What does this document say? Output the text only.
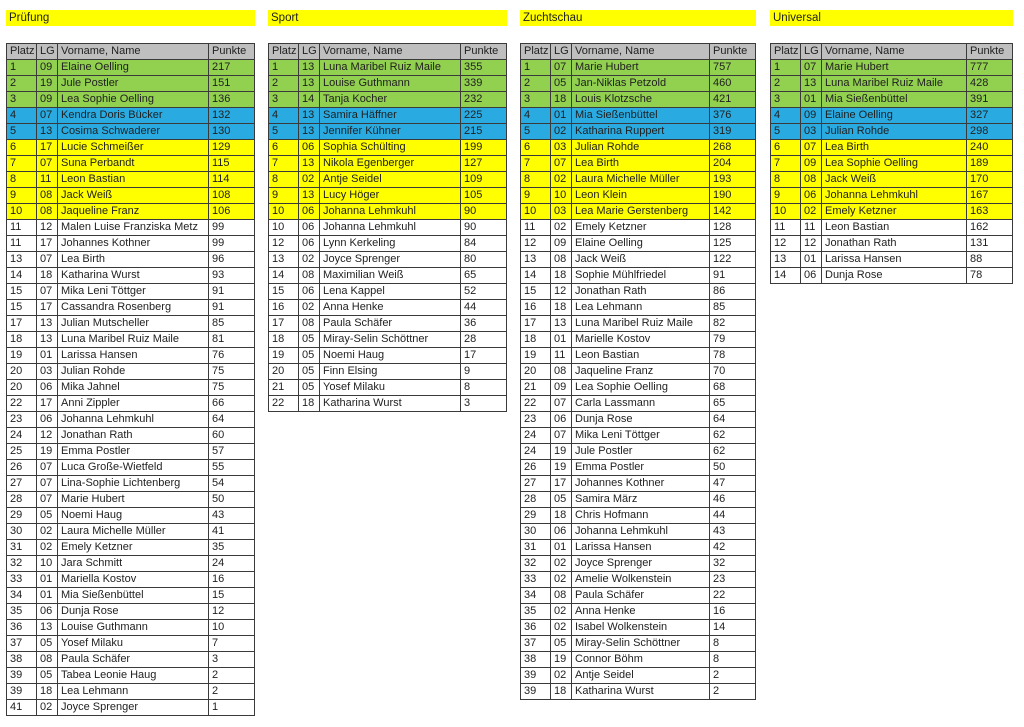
Prüfung
Platz	LG	Vorname, Name	Punkte
1	09	Elaine Oelling	217
2	19	Jule Postler	151
3	09	Lea Sophie Oelling	136
4	07	Kendra Doris Bücker	132
5	13	Cosima Schwaderer	130
6	17	Lucie Schmeißer	129
7	07	Suna Perbandt	115
8	11	Leon Bastian	114
9	08	Jack Weiß	108
10	08	Jaqueline Franz	106
11	12	Malen Luise Franziska Metz	99
11	17	Johannes Kothner	99
13	07	Lea Birth	96
14	18	Katharina Wurst	93
15	07	Mika Leni Töttger	91
15	17	Cassandra Rosenberg	91
17	13	Julian Mutscheller	85
18	13	Luna Maribel Ruiz Maile	81
19	01	Larissa Hansen	76
20	03	Julian Rohde	75
20	06	Mika Jahnel	75
22	17	Anni Zippler	66
23	06	Johanna Lehmkuhl	64
24	12	Jonathan Rath	60
25	19	Emma Postler	57
26	07	Luca Große-Wietfeld	55
27	07	Lina-Sophie Lichtenberg	54
28	07	Marie Hubert	50
29	05	Noemi Haug	43
30	02	Laura Michelle Müller	41
31	02	Emely Ketzner	35
32	10	Jara Schmitt	24
33	01	Mariella Kostov	16
34	01	Mia Sießenbüttel	15
35	06	Dunja Rose	12
36	13	Louise Guthmann	10
37	05	Yosef Milaku	7
38	08	Paula Schäfer	3
39	05	Tabea Leonie Haug	2
39	18	Lea Lehmann	2
41	02	Joyce Sprenger	1
Sport
Platz	LG	Vorname, Name	Punkte
1	13	Luna Maribel Ruiz Maile	355
2	13	Louise Guthmann	339
3	14	Tanja Kocher	232
4	13	Samira Häffner	225
5	13	Jennifer Kühner	215
6	06	Sophia Schülting	199
7	13	Nikola Egenberger	127
8	02	Antje Seidel	109
9	13	Lucy Höger	105
10	06	Johanna Lehmkuhl	90
10	06	Johanna Lehmkuhl	90
12	06	Lynn Kerkeling	84
13	02	Joyce Sprenger	80
14	08	Maximilian Weiß	65
15	06	Lena Kappel	52
16	02	Anna Henke	44
17	08	Paula Schäfer	36
18	05	Miray-Selin Schöttner	28
19	05	Noemi Haug	17
20	05	Finn Elsing	9
21	05	Yosef Milaku	8
22	18	Katharina Wurst	3
Zuchtschau
Platz	LG	Vorname, Name	Punkte
1	07	Marie Hubert	757
2	05	Jan-Niklas Petzold	460
3	18	Louis Klotzsche	421
4	01	Mia Sießenbüttel	376
5	02	Katharina Ruppert	319
6	03	Julian Rohde	268
7	07	Lea Birth	204
8	02	Laura Michelle Müller	193
9	10	Leon Klein	190
10	03	Lea Marie Gerstenberg	142
11	02	Emely Ketzner	128
12	09	Elaine Oelling	125
13	08	Jack Weiß	122
14	18	Sophie Mühlfriedel	91
15	12	Jonathan Rath	86
16	18	Lea Lehmann	85
17	13	Luna Maribel Ruiz Maile	82
18	01	Marielle Kostov	79
19	11	Leon Bastian	78
20	08	Jaqueline Franz	70
21	09	Lea Sophie Oelling	68
22	07	Carla Lassmann	65
23	06	Dunja Rose	64
24	07	Mika Leni Töttger	62
24	19	Jule Postler	62
26	19	Emma Postler	50
27	17	Johannes Kothner	47
28	05	Samira März	46
29	18	Chris Hofmann	44
30	06	Johanna Lehmkuhl	43
31	01	Larissa Hansen	42
32	02	Joyce Sprenger	32
33	02	Amelie Wolkenstein	23
34	08	Paula Schäfer	22
35	02	Anna Henke	16
36	02	Isabel Wolkenstein	14
37	05	Miray-Selin Schöttner	8
38	19	Connor Böhm	8
39	02	Antje Seidel	2
39	18	Katharina Wurst	2
Universal
Platz	LG	Vorname, Name	Punkte
1	07	Marie Hubert	777
2	13	Luna Maribel Ruiz Maile	428
3	01	Mia Sießenbüttel	391
4	09	Elaine Oelling	327
5	03	Julian Rohde	298
6	07	Lea Birth	240
7	09	Lea Sophie Oelling	189
8	08	Jack Weiß	170
9	06	Johanna Lehmkuhl	167
10	02	Emely Ketzner	163
11	11	Leon Bastian	162
12	12	Jonathan Rath	131
13	01	Larissa Hansen	88
14	06	Dunja Rose	78
